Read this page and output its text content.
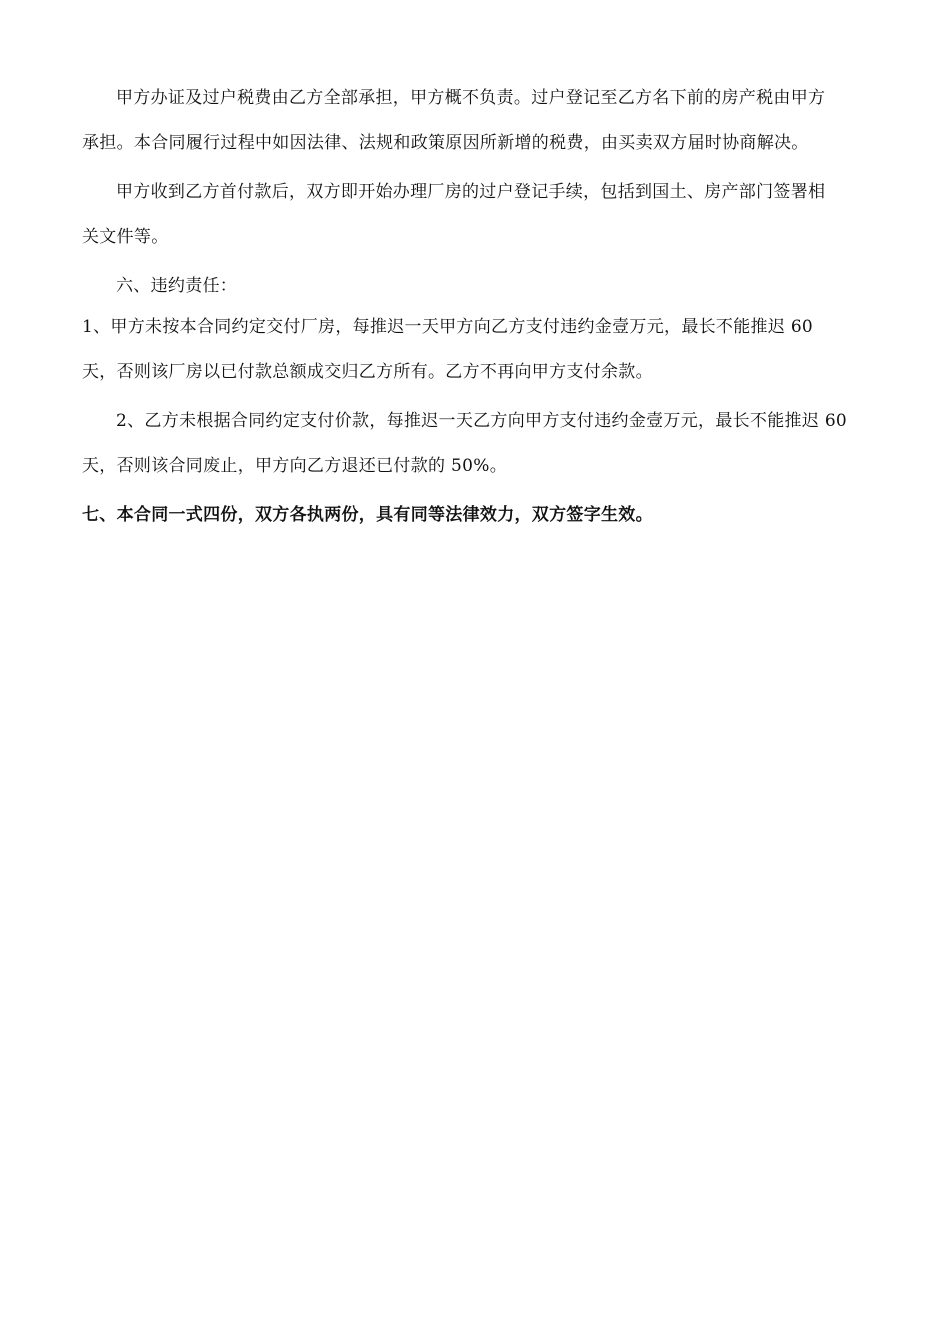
甲方办证及过户税费由乙方全部承担，甲方概不负责。过户登记至乙方名下前的房产税由甲方
承担。本合同履行过程中如因法律、法规和政策原因所新增的税费，由买卖双方届时协商解决。
甲方收到乙方首付款后，双方即开始办理厂房的过户登记手续，包括到国土、房产部门签署相
关文件等。
六、违约责任：
1、甲方未按本合同约定交付厂房，每推迟一天甲方向乙方支付违约金壹万元，最长不能推迟 60
天，否则该厂房以已付款总额成交归乙方所有。乙方不再向甲方支付余款。
2、乙方未根据合同约定支付价款，每推迟一天乙方向甲方支付违约金壹万元，最长不能推迟 60
天，否则该合同废止，甲方向乙方退还已付款的 50%。
七、本合同一式四份，双方各执两份，具有同等法律效力，双方签字生效。
